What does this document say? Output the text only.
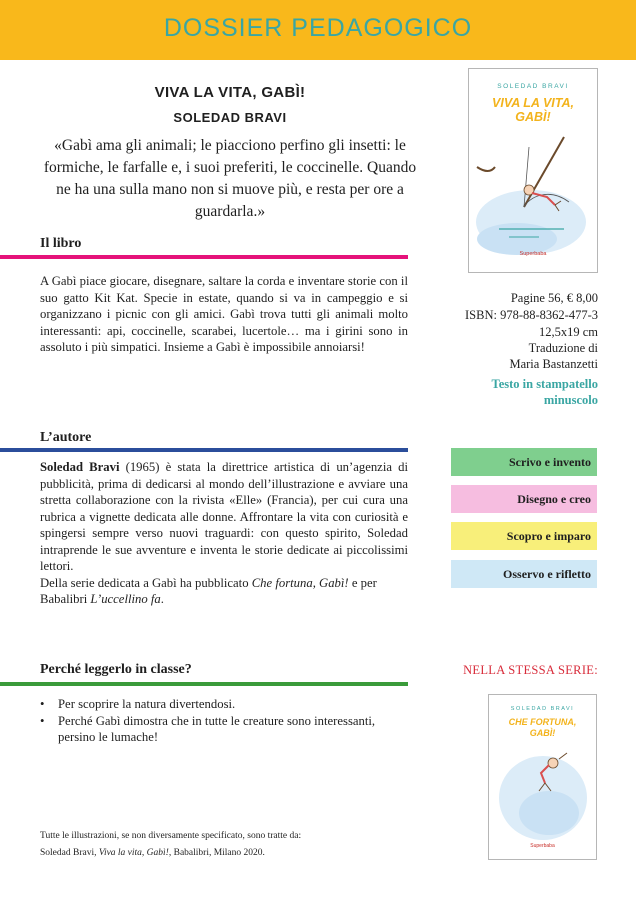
DOSSIER PEDAGOGICO
VIVA LA VITA, GABÌ!
SOLEDAD BRAVI
«Gabì ama gli animali; le piacciono perfino gli insetti: le formiche, le farfalle e, i suoi preferiti, le coccinelle. Quando ne ha una sulla mano non si muove più, e resta per ore a guardarla.»
SOLEDAD BRAVI
VIVA LA VITA,
GABÌ!
Superbaba
Pagine 56, € 8,00
ISBN: 978-88-8362-477-3
12,5x19 cm
Traduzione di
Maria Bastanzetti
Testo in stampatello
minuscolo
Il libro
A Gabì piace giocare, disegnare, saltare la corda e inventare storie con il suo gatto Kit Kat. Specie in estate, quando si va in campeggio e si organizzano i picnic con gli amici. Gabì trova tutti gli animali molto interessanti: api, coccinelle, scarabei, lucertole… ma i girini sono in assoluto i più simpatici. Insieme a Gabì è impossibile annoiarsi!
L’autore

Soledad Bravi (1965) è stata la direttrice artistica di un’agenzia di pubblicità, prima di dedicarsi al mondo dell’illustrazione e avviare una stretta collaborazione con la rivista «Elle» (Francia), per cui cura una rubrica a vignette dedicata alle donne. Affrontare la vita con curiosità e spingersi sempre verso nuovi traguardi: con questo spirito, Soledad intraprende le sue avventure e inventa le storie dedicate ai piccolissimi lettori.

Della serie dedicata a Gabì ha pubblicato Che fortuna, Gabì! e per Babalibri L’uccellino fa.

Scrivo e invento
Disegno e creo
Scopro e imparo
Osservo e rifletto
Perché leggerlo in classe?
• Per scoprire la natura divertendosi.
• Perché Gabì dimostra che in tutte le creature sono interessanti, persino le lumache!
NELLA STESSA SERIE:
SOLEDAD BRAVI
CHE FORTUNA,
GABÌ!
Superbaba
Tutte le illustrazioni, se non diversamente specificato, sono tratte da:
Soledad Bravi, Viva la vita, Gabì!, Babalibri, Milano 2020.
